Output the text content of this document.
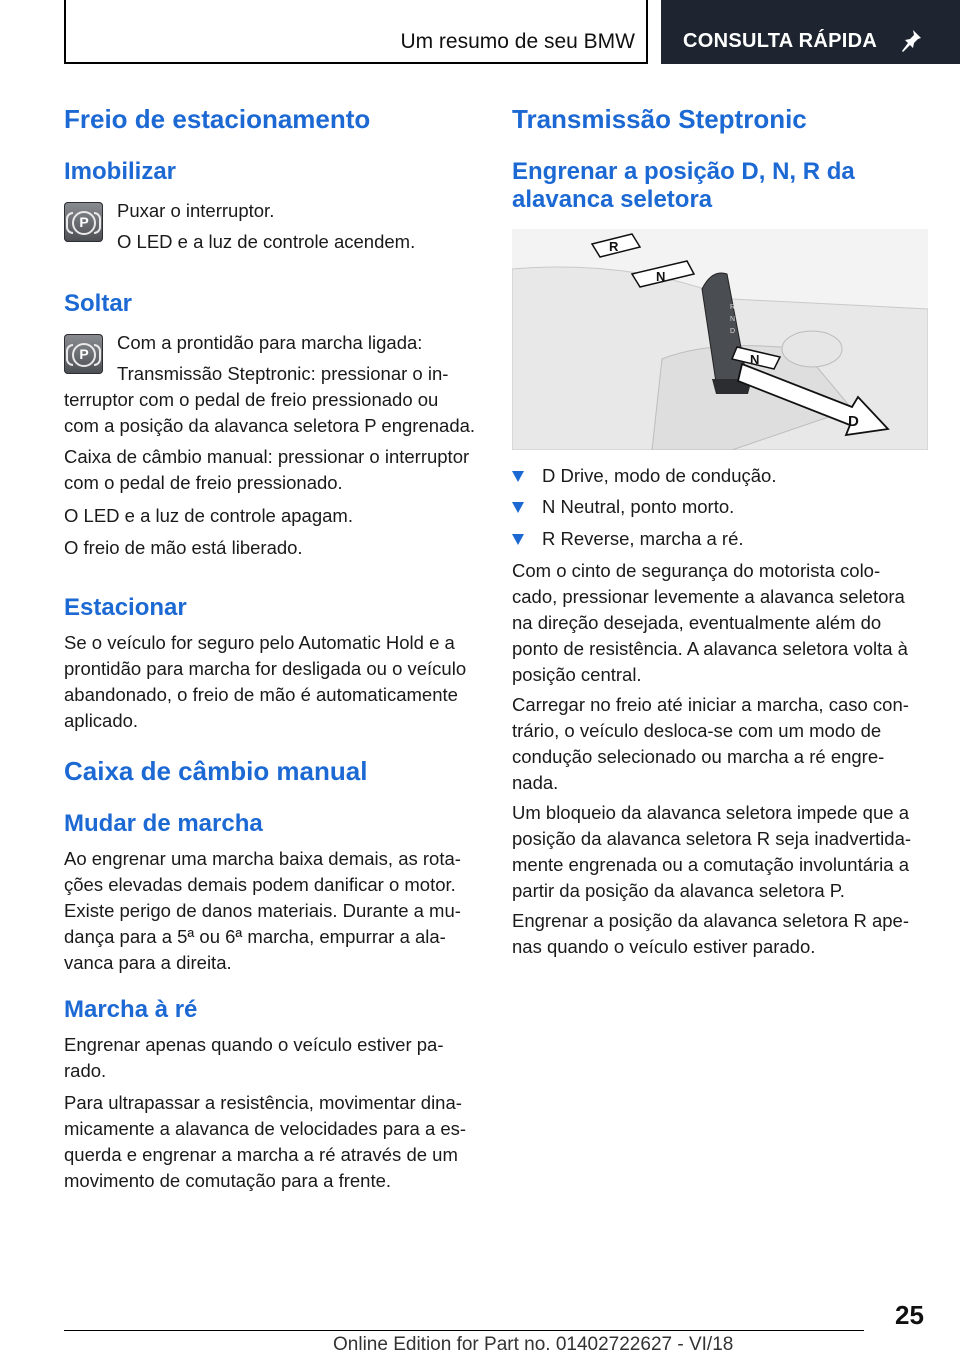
Um resumo de seu BMW CONSULTA RÁPIDA
Freio de estacionamento
Imobilizar
P
Puxar o interruptor.
O LED e a luz de controle acendem.
Soltar
P
Com a prontidão para marcha ligada:
Transmissão Steptronic: pressionar o in-
terruptor com o pedal de freio pressionado ou
com a posição da alavanca seletora P engrenada.
Caixa de câmbio manual: pressionar o interruptor
com o pedal de freio pressionado.
O LED e a luz de controle apagam.
O freio de mão está liberado.
Estacionar
Se o veículo for seguro pelo Automatic Hold e a
prontidão para marcha for desligada ou o veículo
abandonado, o freio de mão é automaticamente
aplicado.
Caixa de câmbio manual
Mudar de marcha
Ao engrenar uma marcha baixa demais, as rota-
ções elevadas demais podem danificar o motor.
Existe perigo de danos materiais. Durante a mu-
dança para a 5ª ou 6ª marcha, empurrar a ala-
vanca para a direita.
Marcha à ré
Engrenar apenas quando o veículo estiver pa-
rado.
Para ultrapassar a resistência, movimentar dina-
micamente a alavanca de velocidades para a es-
querda e engrenar a marcha a ré através de um
movimento de comutação para a frente.
Transmissão Steptronic
Engrenar a posição D, N, R da
alavanca seletora
R
N
D
R
N
N
D
D Drive, modo de condução.
N Neutral, ponto morto.
R Reverse, marcha a ré.
Com o cinto de segurança do motorista colo-
cado, pressionar levemente a alavanca seletora
na direção desejada, eventualmente além do
ponto de resistência. A alavanca seletora volta à
posição central.
Carregar no freio até iniciar a marcha, caso con-
trário, o veículo desloca-se com um modo de
condução selecionado ou marcha a ré engre-
nada.
Um bloqueio da alavanca seletora impede que a
posição da alavanca seletora R seja inadvertida-
mente engrenada ou a comutação involuntária a
partir da posição da alavanca seletora P.
Engrenar a posição da alavanca seletora R ape-
nas quando o veículo estiver parado.
25
Online Edition for Part no. 01402722627 - VI/18
